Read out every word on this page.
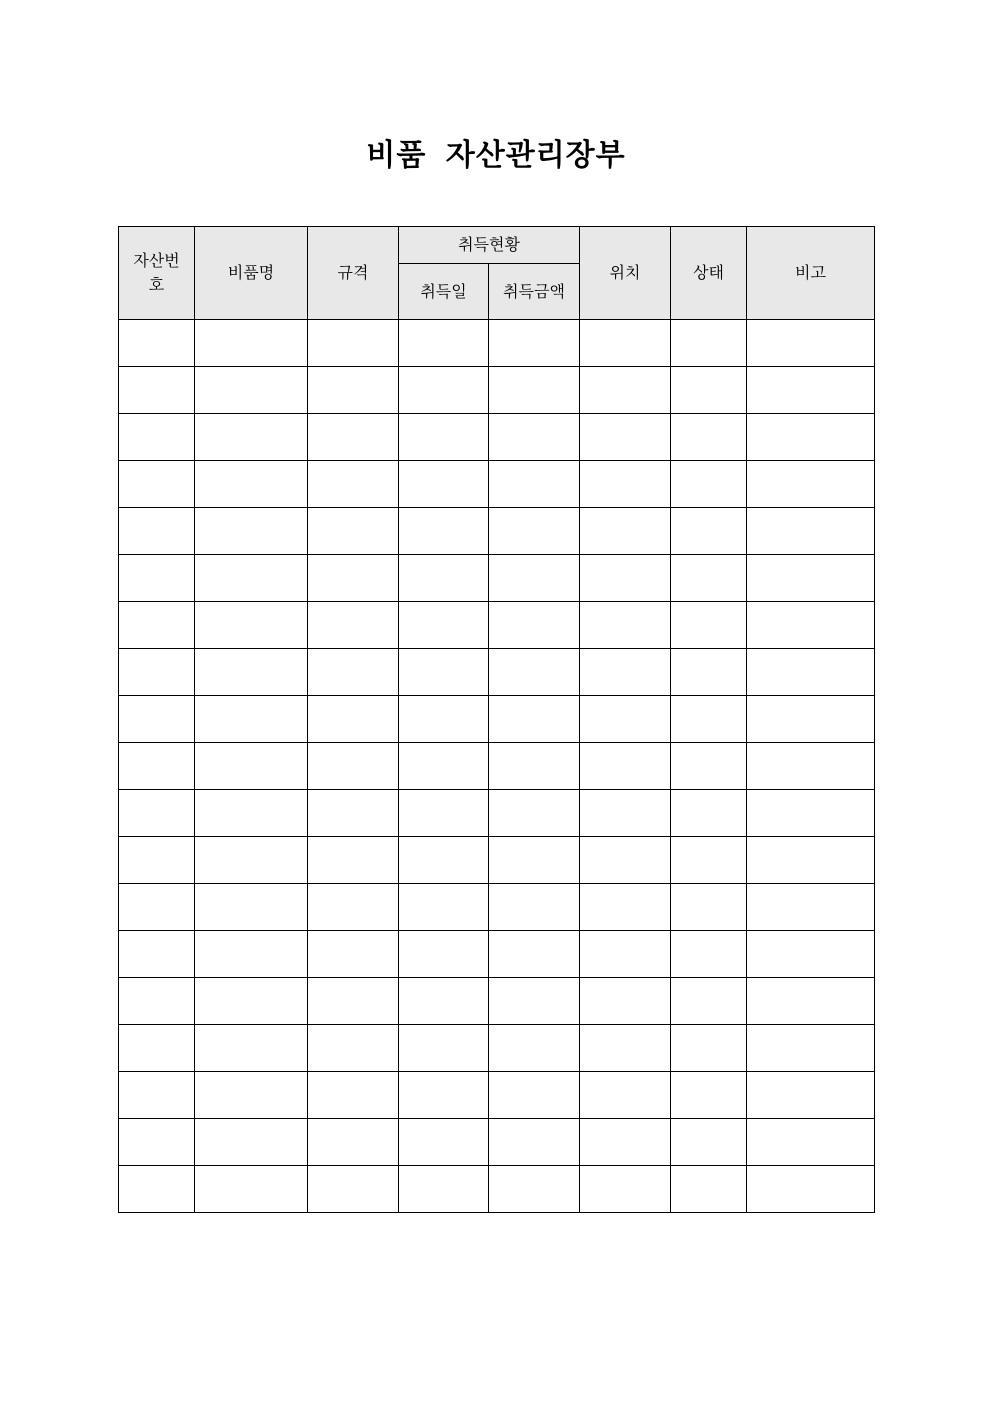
비품 자산관리장부
자산번호	비품명	규격	취득현황		위치	상태	비고
			취득일	취득금액			
